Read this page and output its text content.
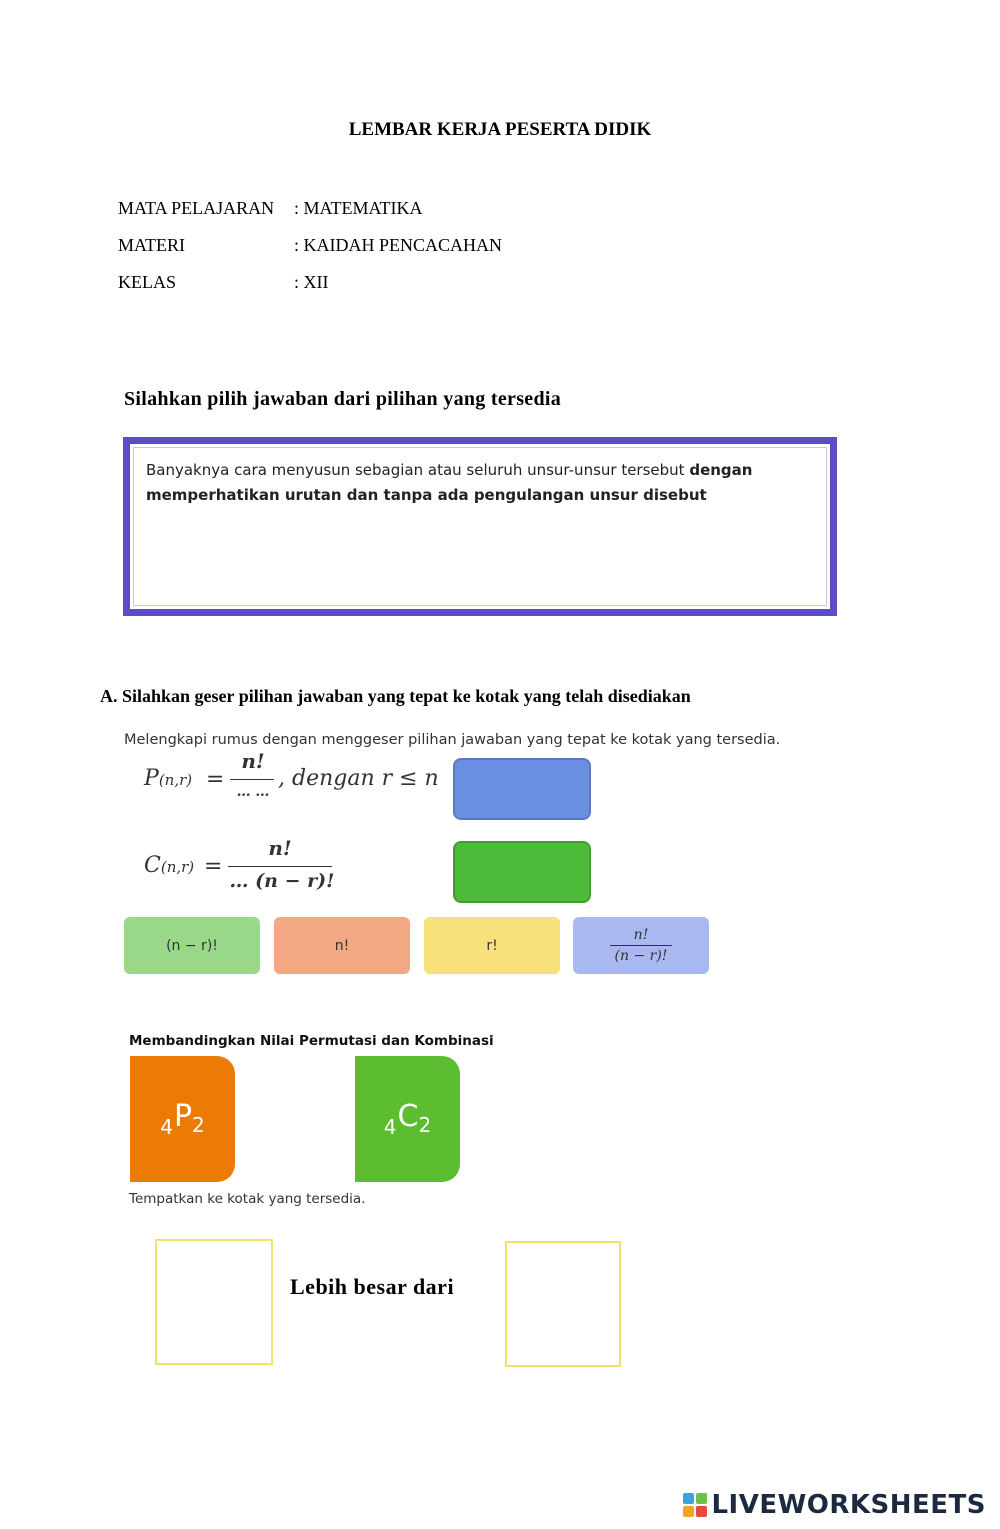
LEMBAR KERJA PESERTA DIDIK
MATA PELAJARAN : MATEMATIKA
MATERI	: KAIDAH PENCACAHAN
KELAS	: XII
Silahkan pilih jawaban dari pilihan yang tersedia
Banyaknya cara menyusun sebagian atau seluruh unsur-unsur tersebut dengan memperhatikan urutan dan tanpa ada pengulangan unsur disebut
A. Silahkan geser pilihan jawaban yang tepat ke kotak yang telah disediakan
Melengkapi rumus dengan menggeser pilihan jawaban yang tepat ke kotak yang tersedia.
P(n,r) =
n!
… …
, dengan r ≤ n
C(n,r) =
n!
… (n − r)!
(n − r)!	n!	r!
n!
(n − r)!
Membandingkan Nilai Permutasi dan Kombinasi
$_4P_2$	$_4C_2$
Tempatkan ke kotak yang tersedia.
Lebih besar dari
LIVEWORKSHEETS
